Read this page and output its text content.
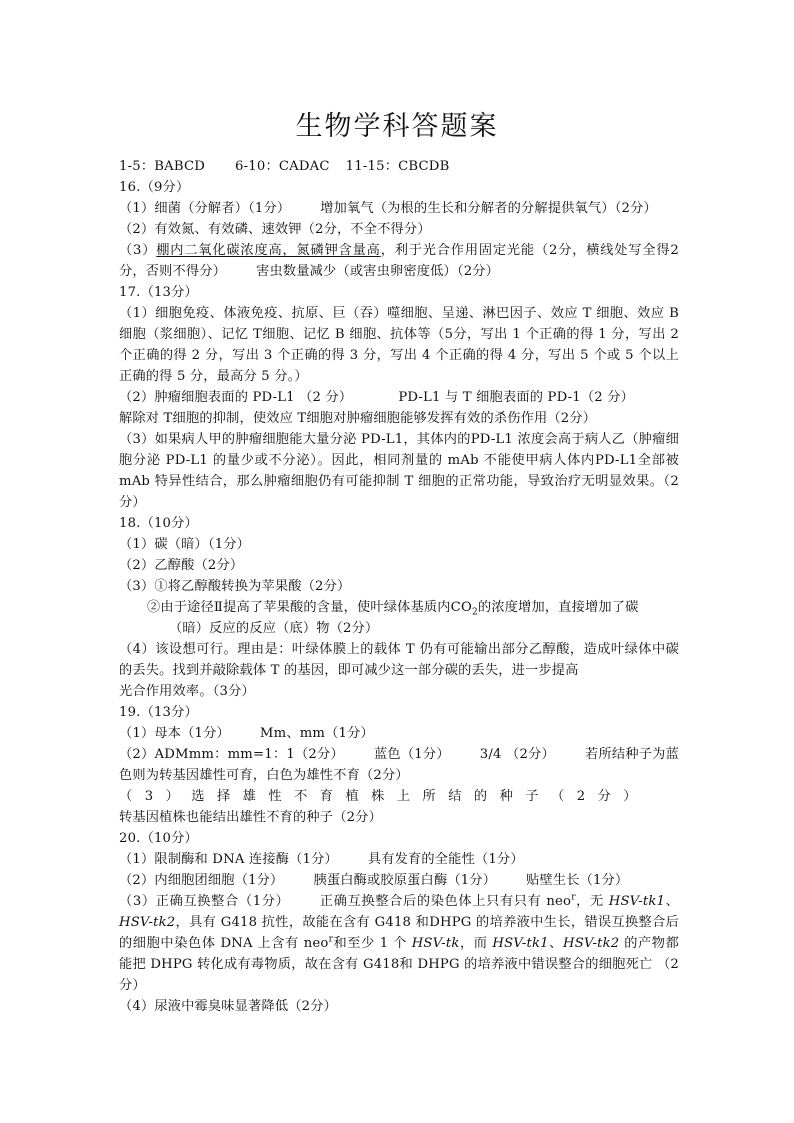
生物学科答题案
1-5：BABCD 6-10：CADAC 11-15：CBCDB
16.（9分）
（1）细菌（分解者）（1分） 增加氧气（为根的生长和分解者的分解提供氧气）（2分）
（2）有效氮、有效磷、速效钾（2分，不全不得分）
（3）棚内二氧化碳浓度高，氮磷钾含量高，利于光合作用固定光能（2分，横线处写全得2分，否则不得分） 害虫数量减少（或害虫卵密度低）（2分）
17.（13分）
（1）细胞免疫、体液免疫、抗原、巨（吞）噬细胞、呈递、淋巴因子、效应 T 细胞、效应 B 细胞（浆细胞）、记忆 T细胞、记忆 B 细胞、抗体等（5分，写出 1 个正确的得 1 分，写出 2 个正确的得 2 分，写出 3 个正确的得 3 分，写出 4 个正确的得 4 分，写出 5 个或 5 个以上正确的得 5 分，最高分 5 分。）
（2）肿瘤细胞表面的 PD-L1 （2 分）	PD-L1 与 T 细胞表面的 PD-1（2 分）
解除对 T细胞的抑制，使效应 T细胞对肿瘤细胞能够发挥有效的杀伤作用（2分）
（3）如果病人甲的肿瘤细胞能大量分泌 PD-L1，其体内的PD-L1 浓度会高于病人乙（肿瘤细胞分泌 PD-L1 的量少或不分泌）。因此，相同剂量的 mAb 不能使甲病人体内PD-L1全部被 mAb 特异性结合，那么肿瘤细胞仍有可能抑制 T 细胞的正常功能，导致治疗无明显效果。（2分）
18.（10分）
（1）碳（暗）（1分）
（2）乙醇酸（2分）
（3）①将乙醇酸转换为苹果酸（2分）
②由于途径Ⅱ提高了苹果酸的含量，使叶绿体基质内$CO_2$的浓度增加，直接增加了碳
（暗）反应的反应（底）物（2分）
（4）该设想可行。理由是：叶绿体膜上的载体 T 仍有可能输出部分乙醇酸，造成叶绿体中碳的丢失。找到并敲除载体 T 的基因，即可减少这一部分碳的丢失，进一步提高
光合作用效率。（3分）
19.（13分）
（1）母本（1分） Mm、mm（1分）
（2）ADMmm：mm=1：1（2分） 蓝色（1分） 3/4 （2分） 若所结种子为蓝色则为转基因雄性可育，白色为雄性不育（2分）
（3）选择雄性不育植株上所结的种子（2分）转基因植株也能结出雄性不育的种子（2分）
20.（10分）
（1）限制酶和 DNA 连接酶（1分） 具有发育的全能性（1分）
（2）内细胞团细胞（1分） 胰蛋白酶或胶原蛋白酶（1分） 贴壁生长（1分）
（3）正确互换整合（1分） 正确互换整合后的染色体上只有只有 neo$^r$，无 HSV-tk1、HSV-tk2，具有 G418 抗性，故能在含有 G418 和DHPG 的培养液中生长，错误互换整合后的细胞中染色体 DNA 上含有 neo$^r$和至少 1 个 HSV-tk，而 HSV-tk1、HSV-tk2 的产物都能把 DHPG 转化成有毒物质，故在含有 G418和 DHPG 的培养液中错误整合的细胞死亡 （2分）
（4）尿液中霉臭味显著降低（2分）
